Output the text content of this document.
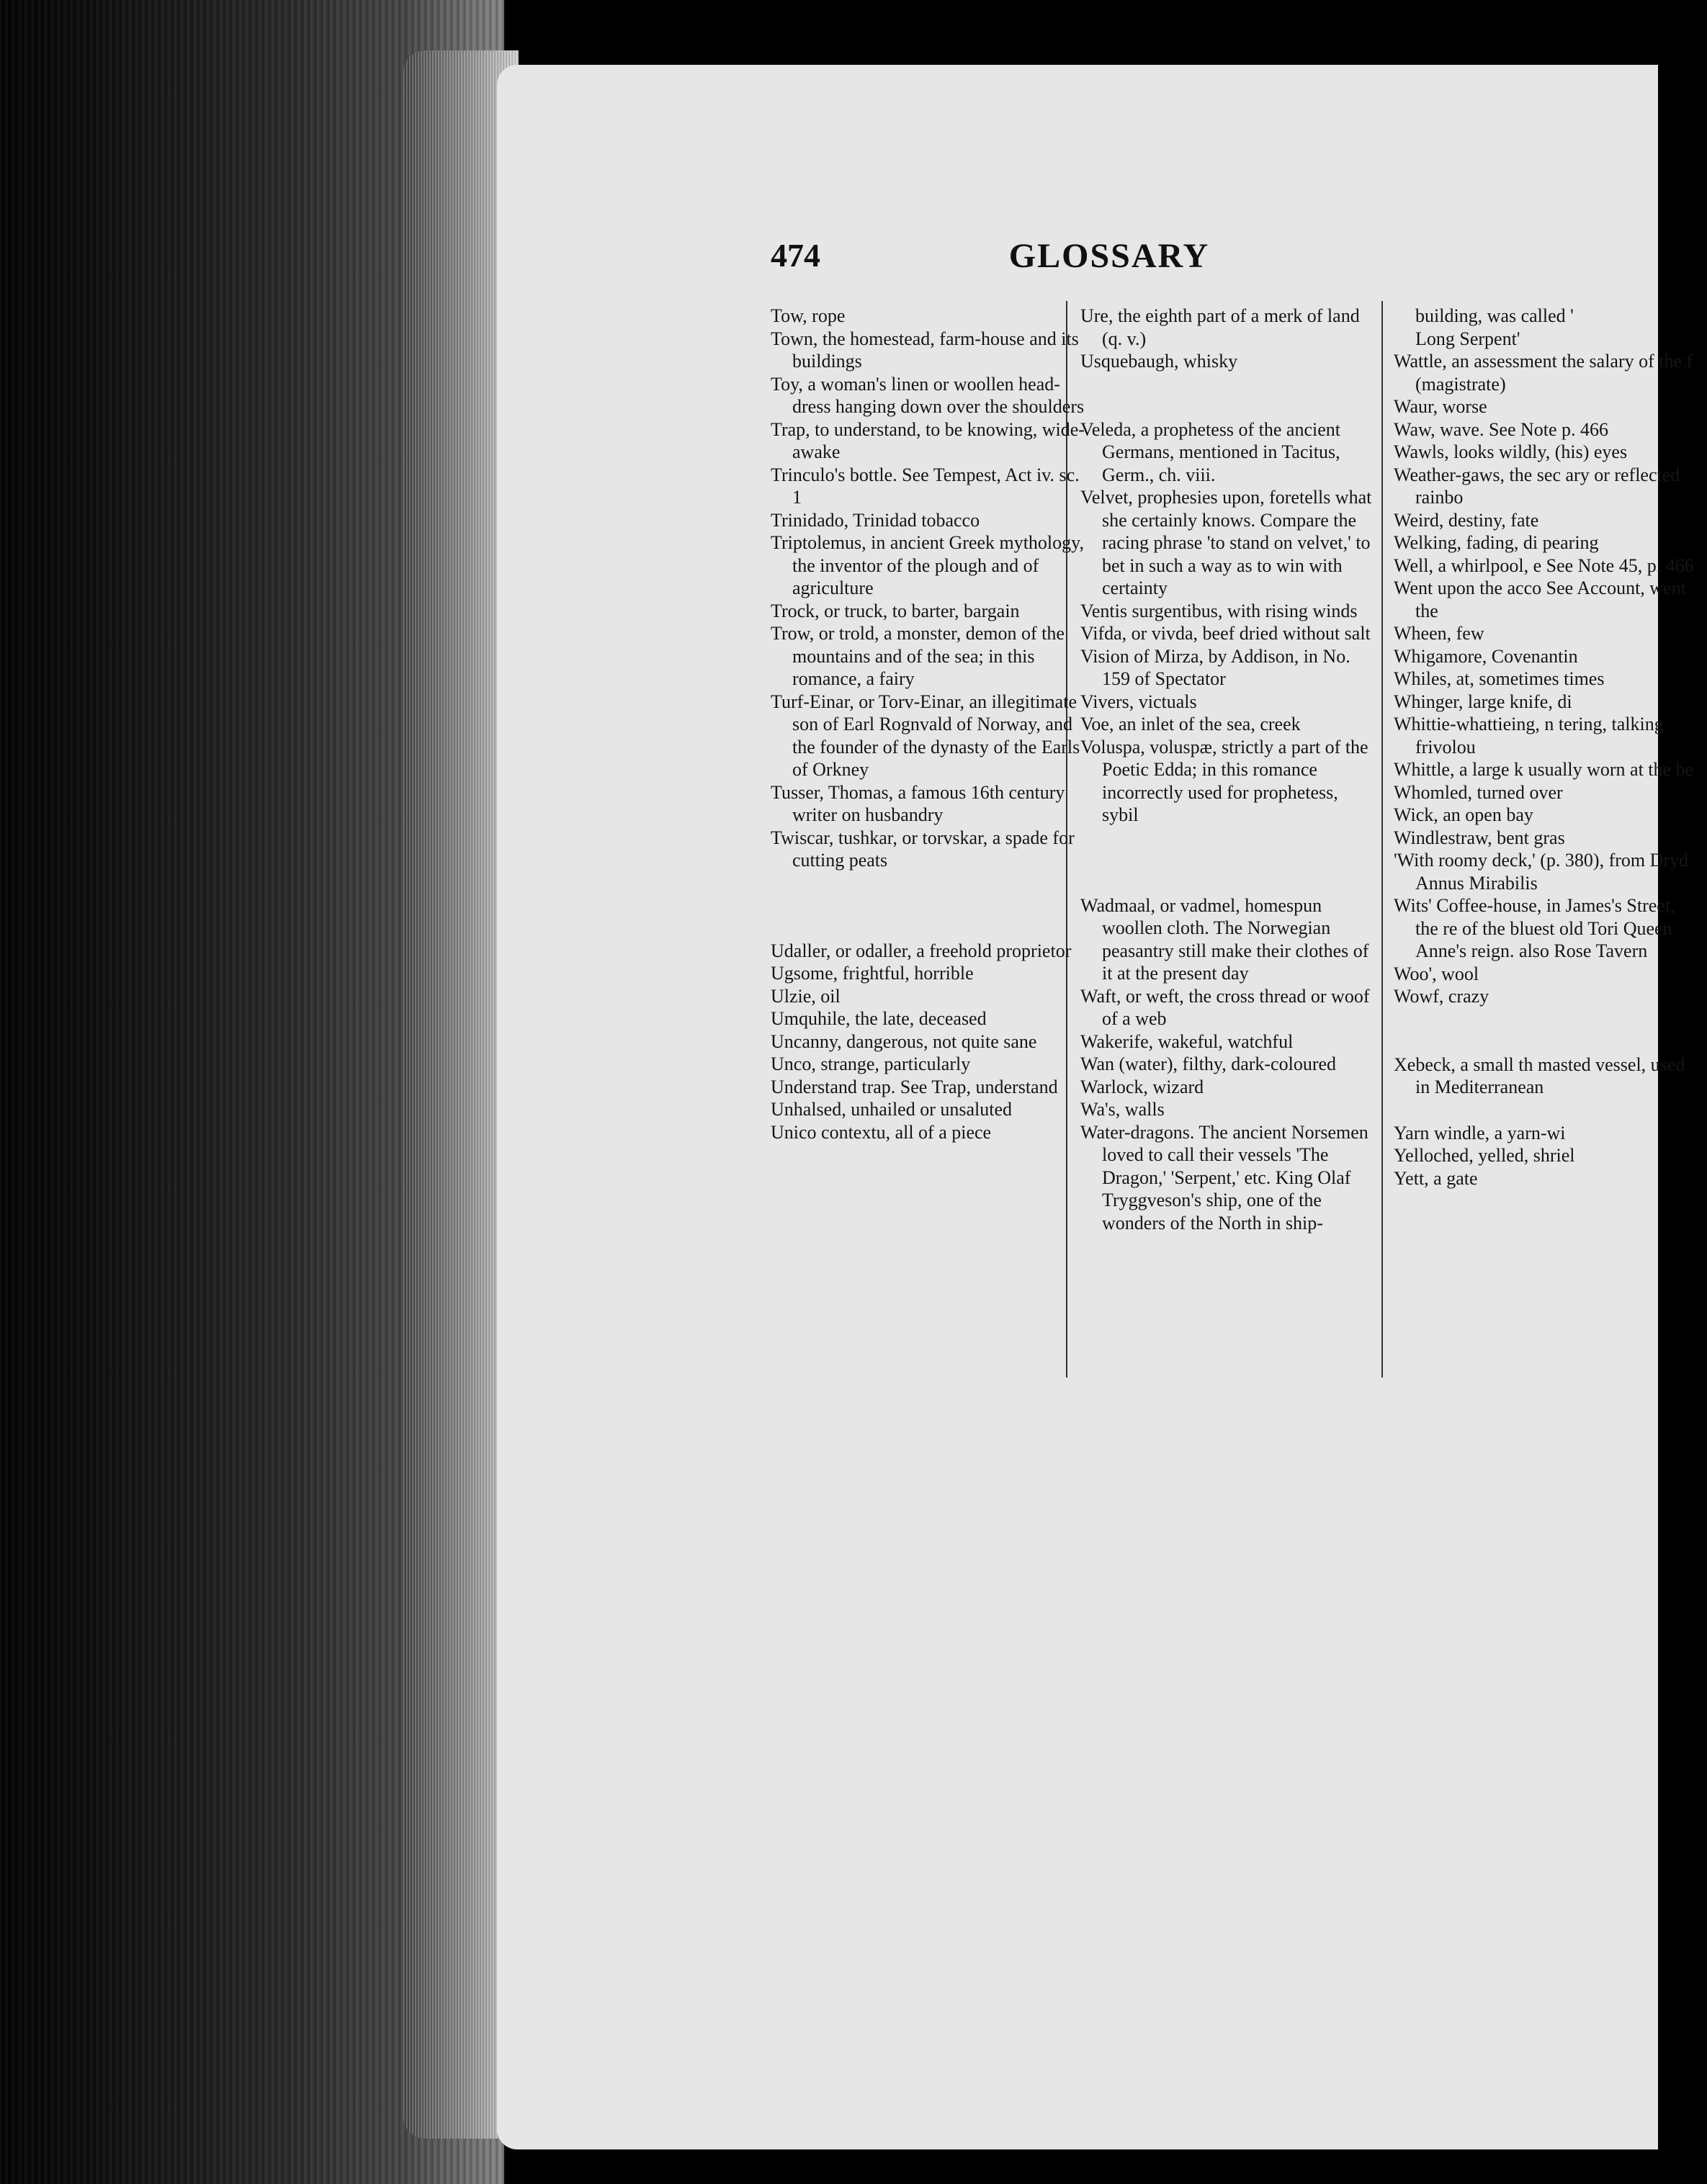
474	GLOSSARY

Tow, rope

Town, the homestead, farm-house and its buildings

Toy, a woman's linen or woollen head-dress hanging down over the shoulders

Trap, to understand, to be knowing, wide-awake

Trinculo's bottle. See Tempest, Act iv. sc. 1

Trinidado, Trinidad tobacco

Triptolemus, in ancient Greek mythology, the inventor of the plough and of agriculture

Trock, or truck, to barter, bargain

Trow, or trold, a monster, demon of the mountains and of the sea; in this romance, a fairy

Turf-Einar, or Torv-Einar, an illegitimate son of Earl Rognvald of Norway, and the founder of the dynasty of the Earls of Orkney

Tusser, Thomas, a famous 16th century writer on husbandry

Twiscar, tushkar, or torvskar, a spade for cutting peats

Udaller, or odaller, a freehold proprietor

Ugsome, frightful, horrible

Ulzie, oil

Umquhile, the late, deceased

Uncanny, dangerous, not quite sane

Unco, strange, particularly

Understand trap. See Trap, understand

Unhalsed, unhailed or unsaluted

Unico contextu, all of a piece

Ure, the eighth part of a merk of land (q. v.)

Usquebaugh, whisky

Veleda, a prophetess of the ancient Germans, mentioned in Tacitus, Germ., ch. viii.

Velvet, prophesies upon, foretells what she certainly knows. Compare the racing phrase 'to stand on velvet,' to bet in such a way as to win with certainty

Ventis surgentibus, with rising winds

Vifda, or vivda, beef dried without salt

Vision of Mirza, by Addison, in No. 159 of Spectator

Vivers, victuals

Voe, an inlet of the sea, creek

Voluspa, voluspæ, strictly a part of the Poetic Edda; in this romance incorrectly used for prophetess, sybil

Wadmaal, or vadmel, homespun woollen cloth. The Norwegian peasantry still make their clothes of it at the present day

Waft, or weft, the cross thread or woof of a web

Wakerife, wakeful, watchful

Wan (water), filthy, dark-coloured

Warlock, wizard

Wa's, walls

Water-dragons. The ancient Norsemen loved to call their vessels 'The Dragon,' 'Serpent,' etc. King Olaf Tryggveson's ship, one of the wonders of the North in ship-

building, was called '

Long Serpent'

Wattle, an assessment the salary of the f (magistrate)

Waur, worse

Waw, wave. See Note p. 466

Wawls, looks wildly, (his) eyes

Weather-gaws, the sec ary or reflected rainbo

Weird, destiny, fate

Welking, fading, di pearing

Well, a whirlpool, e See Note 45, p. 466

Went upon the acco See Account, went the

Wheen, few

Whigamore, Covenantin

Whiles, at, sometimes times

Whinger, large knife, di

Whittie-whattieing, n tering, talking frivolou

Whittle, a large k usually worn at the be

Whomled, turned over

Wick, an open bay

Windlestraw, bent gras

'With roomy deck,' (p. 380), from Dryd Annus Mirabilis

Wits' Coffee-house, in James's Street, the re of the bluest old Tori Queen Anne's reign. also Rose Tavern

Woo', wool

Wowf, crazy

Xebeck, a small th masted vessel, used in Mediterranean

Yarn windle, a yarn-wi

Yelloched, yelled, shriel

Yett, a gate
